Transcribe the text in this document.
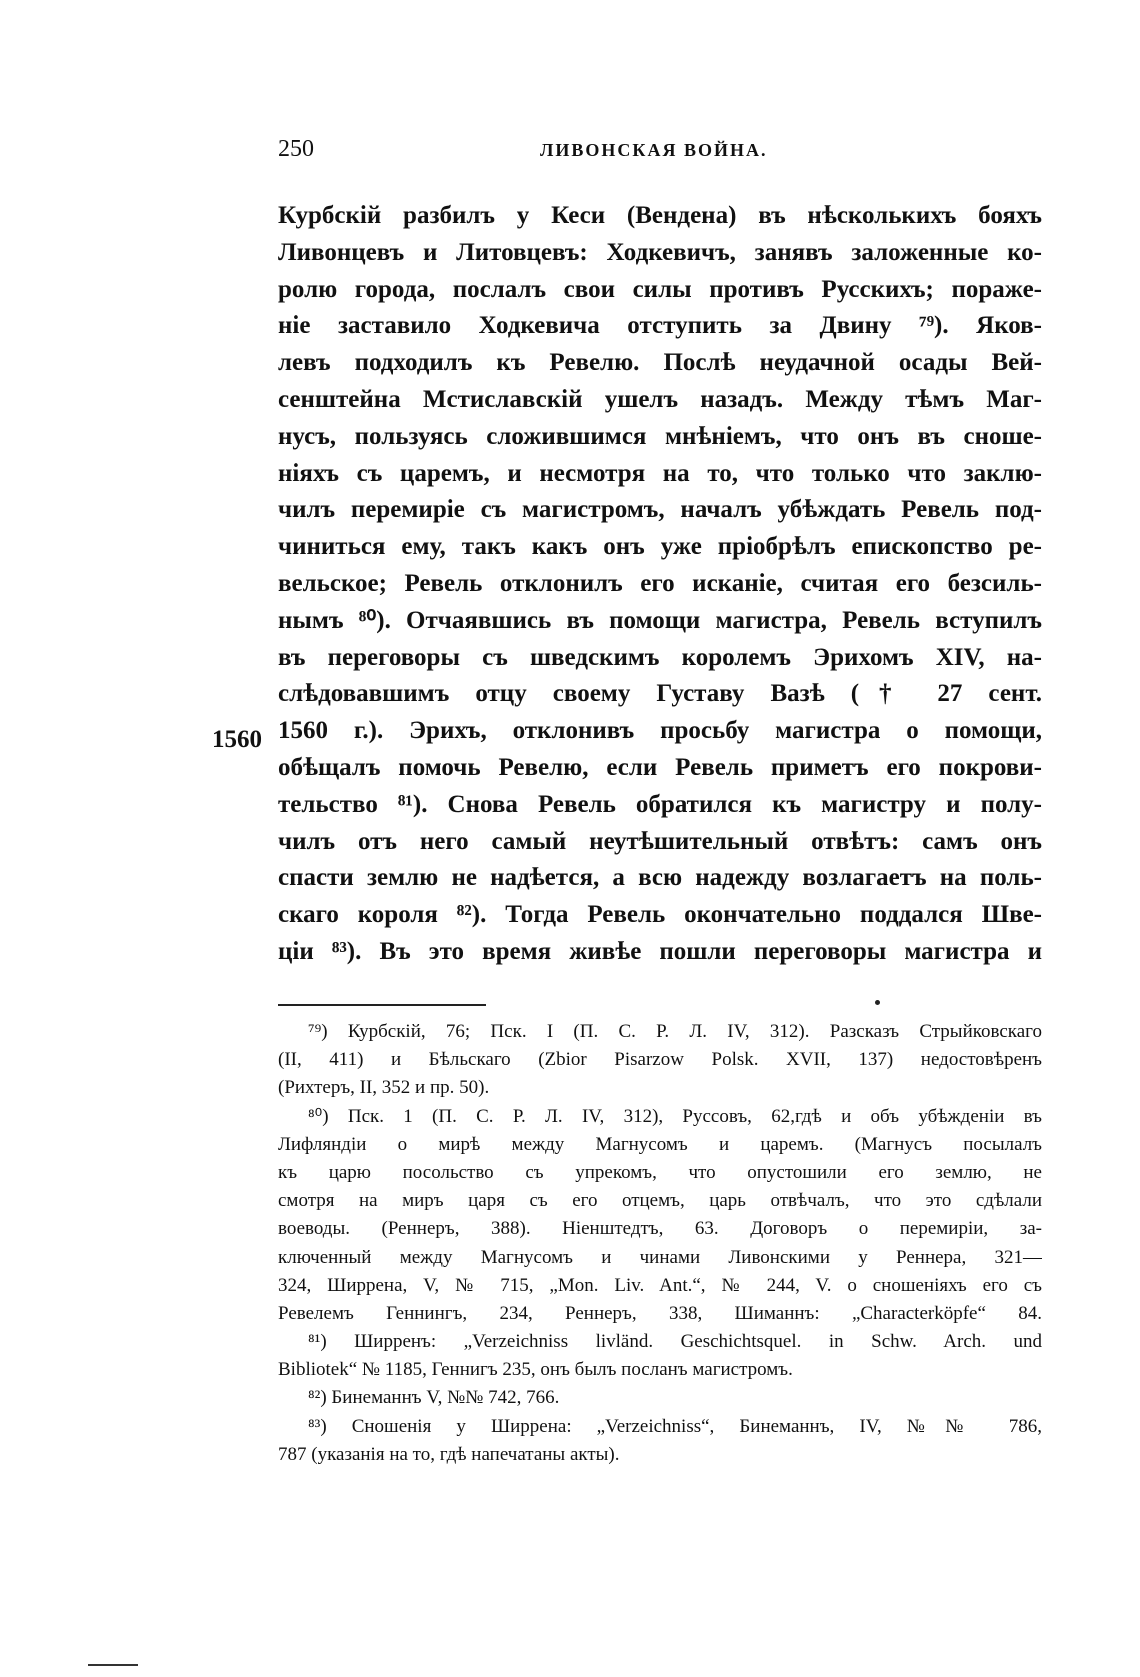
250	ЛИВОНСКАЯ ВОЙНА.
1560
Курбскій разбилъ у Кеси (Вендена) въ нѣсколькихъ бояхъ
Ливонцевъ и Литовцевъ: Ходкевичъ, занявъ заложенные ко-
ролю города, послалъ свои силы противъ Русскихъ; пораже-
ніе заставило Ходкевича отступить за Двину ⁷⁹). Яков-
левъ подходилъ къ Ревелю. Послѣ неудачной осады Вей-
сенштейна Мстиславскій ушелъ назадъ. Между тѣмъ Маг-
нусъ, пользуясь сложившимся мнѣніемъ, что онъ въ сноше-
ніяхъ съ царемъ, и несмотря на то, что только что заклю-
чилъ перемиріе съ магистромъ, началъ убѣждать Ревель под-
чиниться ему, такъ какъ онъ уже пріобрѣлъ епископство ре-
вельское; Ревель отклонилъ его исканіе, считая его безсиль-
нымъ ⁸⁰). Отчаявшись въ помощи магистра, Ревель вступилъ
въ переговоры съ шведскимъ королемъ Эрихомъ XIV, на-
слѣдовавшимъ отцу своему Густаву Вазѣ († 27 сент.
1560 г.). Эрихъ, отклонивъ просьбу магистра о помощи,
обѣщалъ помочь Ревелю, если Ревель приметъ его покрови-
тельство ⁸¹). Снова Ревель обратился къ магистру и полу-
чилъ отъ него самый неутѣшительный отвѣтъ: самъ онъ
спасти землю не надѣется, а всю надежду возлагаетъ на поль-
скаго короля ⁸²). Тогда Ревель окончательно поддался Шве-
ціи ⁸³). Въ это время живѣе пошли переговоры магистра и
⁷⁹) Курбскій, 76; Пск. I (П. С. Р. Л. IV, 312). Разсказъ Стрыйковскаго
(II, 411) и Бѣльскаго (Zbior Pisarzow Polsk. XVII, 137) недостовѣренъ
(Рихтеръ, II, 352 и пр. 50).
⁸⁰) Пск. 1 (П. С. Р. Л. IV, 312), Руссовъ, 62,гдѣ и объ убѣжденіи въ
Лифляндіи о мирѣ между Магнусомъ и царемъ. (Магнусъ посылалъ
къ царю посольство съ упрекомъ, что опустошили его землю, не
смотря на миръ царя съ его отцемъ, царь отвѣчалъ, что это сдѣлали
воеводы. (Реннеръ, 388). Ніенштедтъ, 63. Договоръ о перемиріи, за-
ключенный между Магнусомъ и чинами Ливонскими у Реннера, 321—
324, Ширрена, V, № 715, „Mon. Liv. Ant.“, № 244, V. о сношеніяхъ его съ
Ревелемъ Геннингъ, 234, Реннеръ, 338, Шиманнъ: „Characterköpfe“ 84.
⁸¹) Ширренъ: „Verzeichniss livländ. Geschichtsquel. in Schw. Arch. und
Bibliotek“ № 1185, Геннигъ 235, онъ былъ посланъ магистромъ.
⁸²) Бинеманнъ V, №№ 742, 766.
⁸³) Сношенія у Ширрена: „Verzeichniss“, Бинеманнъ, IV, №№ 786,
787 (указанія на то, гдѣ напечатаны акты).
